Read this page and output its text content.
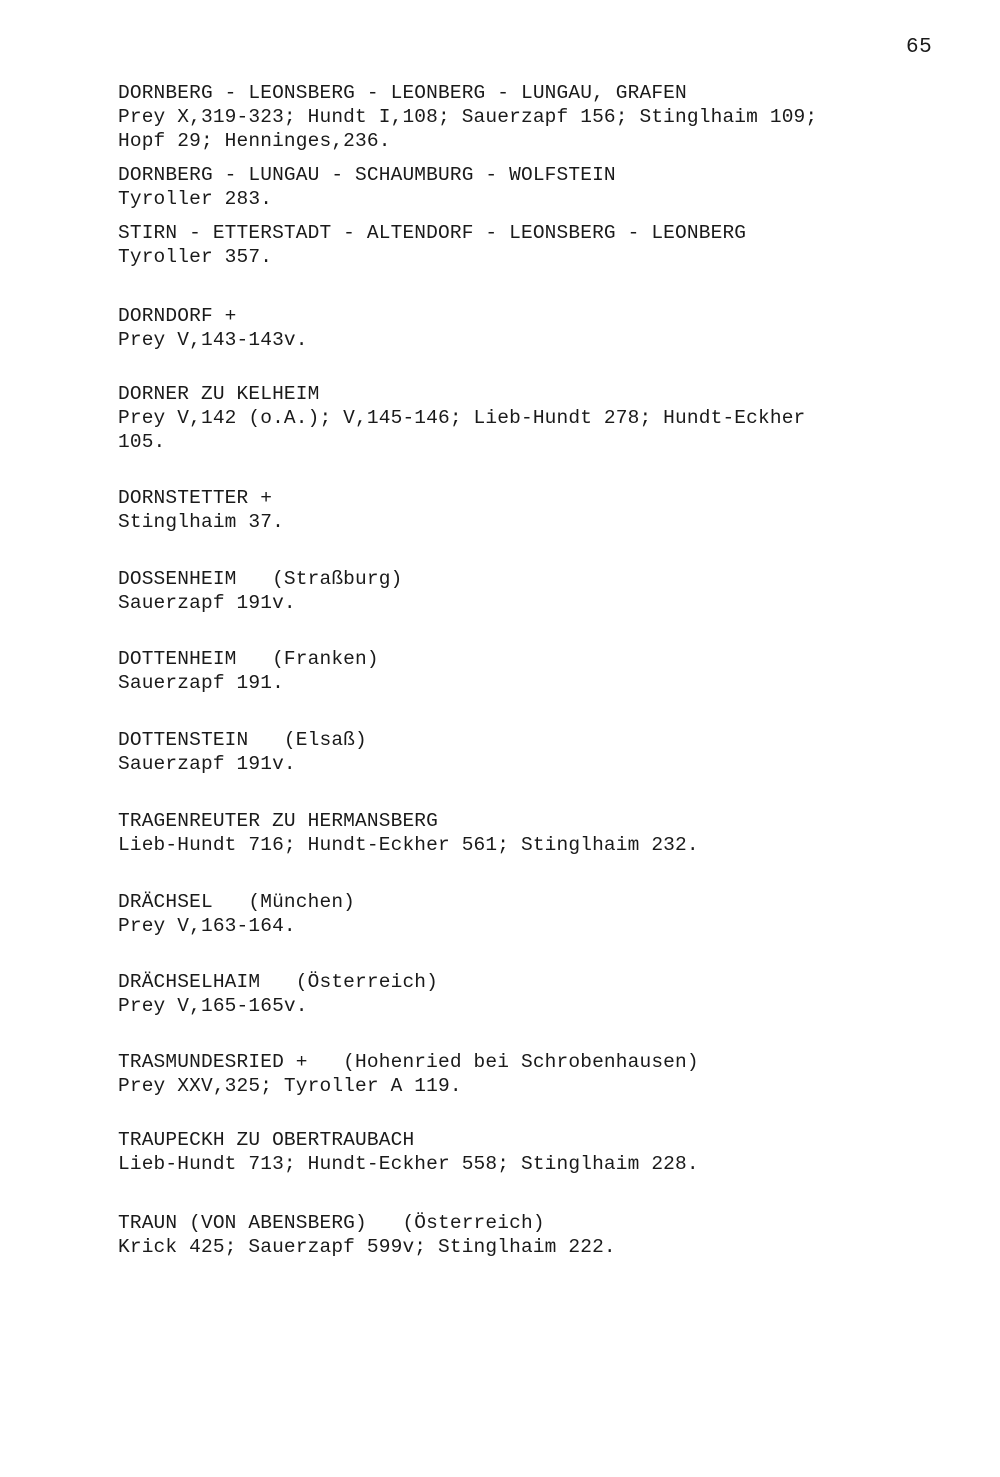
65
DORNBERG - LEONSBERG - LEONBERG - LUNGAU, GRAFEN
Prey X,319-323; Hundt I,108; Sauerzapf 156; Stinglhaim 109;
Hopf 29; Henninges,236.
DORNBERG - LUNGAU - SCHAUMBURG - WOLFSTEIN
Tyroller 283.
STIRN - ETTERSTADT - ALTENDORF - LEONSBERG - LEONBERG
Tyroller 357.
DORNDORF +
Prey V,143-143v.
DORNER ZU KELHEIM
Prey V,142 (o.A.); V,145-146; Lieb-Hundt 278; Hundt-Eckher
105.
DORNSTETTER +
Stinglhaim 37.
DOSSENHEIM   (Straßburg)
Sauerzapf 191v.
DOTTENHEIM   (Franken)
Sauerzapf 191.
DOTTENSTEIN   (Elsaß)
Sauerzapf 191v.
TRAGENREUTER ZU HERMANSBERG
Lieb-Hundt 716; Hundt-Eckher 561; Stinglhaim 232.
DRÄCHSEL   (München)
Prey V,163-164.
DRÄCHSELHAIM   (Österreich)
Prey V,165-165v.
TRASMUNDESRIED +   (Hohenried bei Schrobenhausen)
Prey XXV,325; Tyroller A 119.
TRAUPECKH ZU OBERTRAUBACH
Lieb-Hundt 713; Hundt-Eckher 558; Stinglhaim 228.
TRAUN (VON ABENSBERG)   (Österreich)
Krick 425; Sauerzapf 599v; Stinglhaim 222.
